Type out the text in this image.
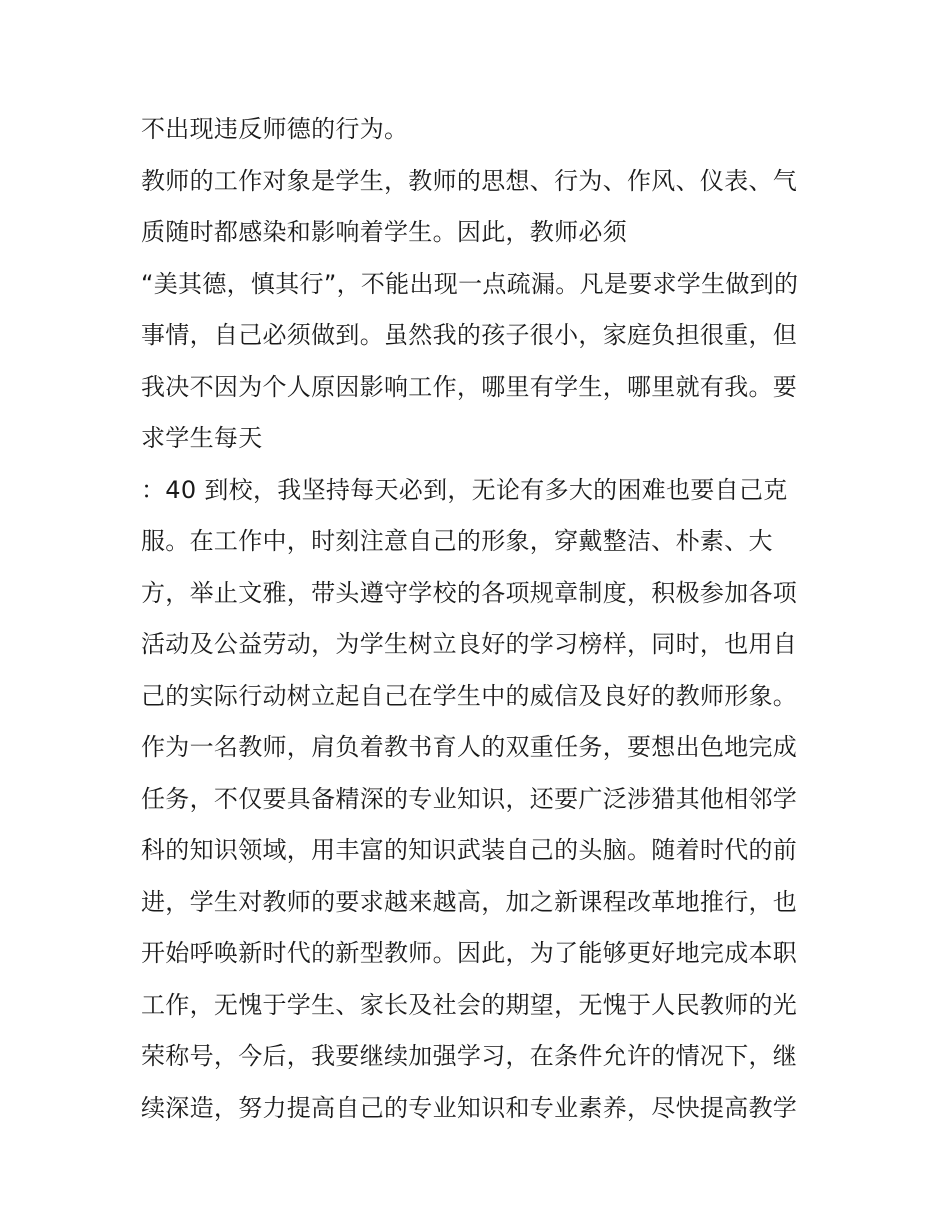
不出现违反师德的行为。
教师的工作对象是学生，教师的思想、行为、作风、仪表、气
质随时都感染和影响着学生。因此，教师必须
“美其德，慎其行”，不能出现一点疏漏。凡是要求学生做到的
事情，自己必须做到。虽然我的孩子很小，家庭负担很重，但
我决不因为个人原因影响工作，哪里有学生，哪里就有我。要
求学生每天
：40 到校，我坚持每天必到，无论有多大的困难也要自己克
服。在工作中，时刻注意自己的形象，穿戴整洁、朴素、大
方，举止文雅，带头遵守学校的各项规章制度，积极参加各项
活动及公益劳动，为学生树立良好的学习榜样，同时，也用自
己的实际行动树立起自己在学生中的威信及良好的教师形象。
作为一名教师，肩负着教书育人的双重任务，要想出色地完成
任务，不仅要具备精深的专业知识，还要广泛涉猎其他相邻学
科的知识领域，用丰富的知识武装自己的头脑。随着时代的前
进，学生对教师的要求越来越高，加之新课程改革地推行，也
开始呼唤新时代的新型教师。因此，为了能够更好地完成本职
工作，无愧于学生、家长及社会的期望，无愧于人民教师的光
荣称号，今后，我要继续加强学习，在条件允许的情况下，继
续深造，努力提高自己的专业知识和专业素养，尽快提高教学
